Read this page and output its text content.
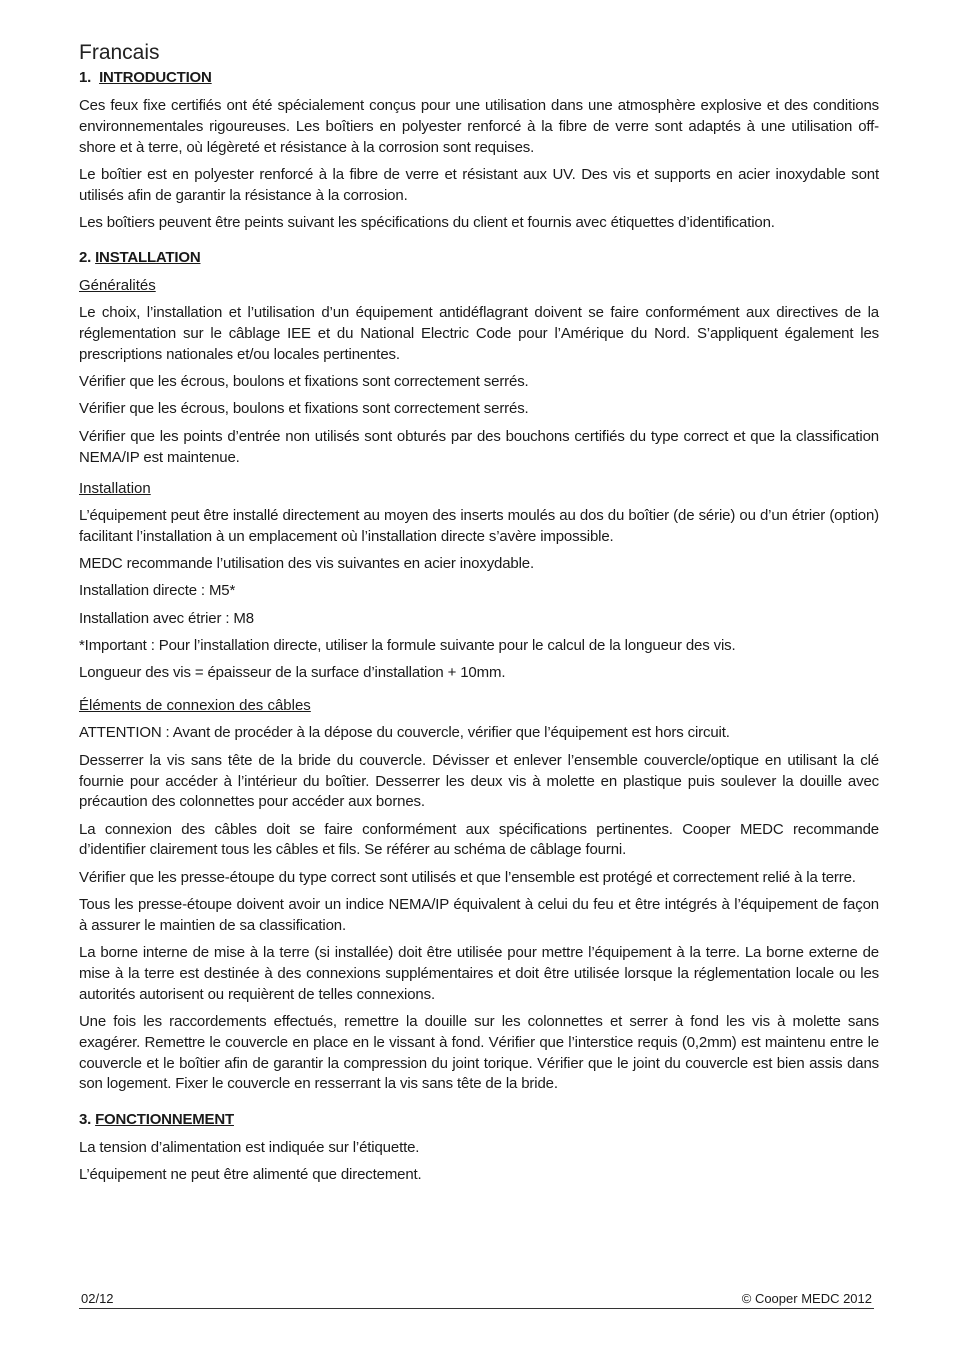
Francais
1. INTRODUCTION

Ces feux fixe certifiés ont été spécialement conçus pour une utilisation dans une atmosphère explosive et des conditions environnementales rigoureuses. Les boîtiers en polyester renforcé à la fibre de verre sont adaptés à une utilisation off-shore et à terre, où légèreté et résistance à la corrosion sont requises.

Le boîtier est en polyester renforcé à la fibre de verre et résistant aux UV. Des vis et supports en acier inoxydable sont utilisés afin de garantir la résistance à la corrosion.

Les boîtiers peuvent être peints suivant les spécifications du client et fournis avec étiquettes d’identification.

2. INSTALLATION
Généralités

Le choix, l’installation et l’utilisation d’un équipement antidéflagrant doivent se faire conformément aux directives de la réglementation sur le câblage IEE et du National Electric Code pour l’Amérique du Nord. S’appliquent également les prescriptions nationales et/ou locales pertinentes.

Vérifier que les écrous, boulons et fixations sont correctement serrés.

Vérifier que les écrous, boulons et fixations sont correctement serrés.

Vérifier que les points d’entrée non utilisés sont obturés par des bouchons certifiés du type correct et que la classification NEMA/IP est maintenue.

Installation

L’équipement peut être installé directement au moyen des inserts moulés au dos du boîtier (de série) ou d’un étrier (option) facilitant l’installation à un emplacement où l’installation directe s’avère impossible.

MEDC recommande l’utilisation des vis suivantes en acier inoxydable.

Installation directe : M5*

Installation avec étrier : M8

*Important : Pour l’installation directe, utiliser la formule suivante pour le calcul de la longueur des vis.

Longueur des vis = épaisseur de la surface d’installation + 10mm.

Éléments de connexion des câbles

ATTENTION : Avant de procéder à la dépose du couvercle, vérifier que l’équipement est hors circuit.

Desserrer la vis sans tête de la bride du couvercle. Dévisser et enlever l’ensemble couvercle/optique en utilisant la clé fournie pour accéder à l’intérieur du boîtier. Desserrer les deux vis à molette en plastique puis soulever la douille avec précaution des colonnettes pour accéder aux bornes.

La connexion des câbles doit se faire conformément aux spécifications pertinentes. Cooper MEDC recommande d’identifier clairement tous les câbles et fils. Se référer au schéma de câblage fourni.

Vérifier que les presse-étoupe du type correct sont utilisés et que l’ensemble est protégé et correctement relié à la terre.

Tous les presse-étoupe doivent avoir un indice NEMA/IP équivalent à celui du feu et être intégrés à l’équipement de façon à assurer le maintien de sa classification.

La borne interne de mise à la terre (si installée) doit être utilisée pour mettre l’équipement à la terre. La borne externe de mise à la terre est destinée à des connexions supplémentaires et doit être utilisée lorsque la réglementation locale ou les autorités autorisent ou requièrent de telles connexions.

Une fois les raccordements effectués, remettre la douille sur les colonnettes et serrer à fond les vis à molette sans exagérer. Remettre le couvercle en place en le vissant à fond. Vérifier que l’interstice requis (0,2mm) est maintenu entre le couvercle et le boîtier afin de garantir la compression du joint torique. Vérifier que le joint du couvercle est bien assis dans son logement. Fixer le couvercle en resserrant la vis sans tête de la bride.

3. FONCTIONNEMENT

La tension d’alimentation est indiquée sur l’étiquette.

L’équipement ne peut être alimenté que directement.

02/12	© Cooper MEDC 2012
